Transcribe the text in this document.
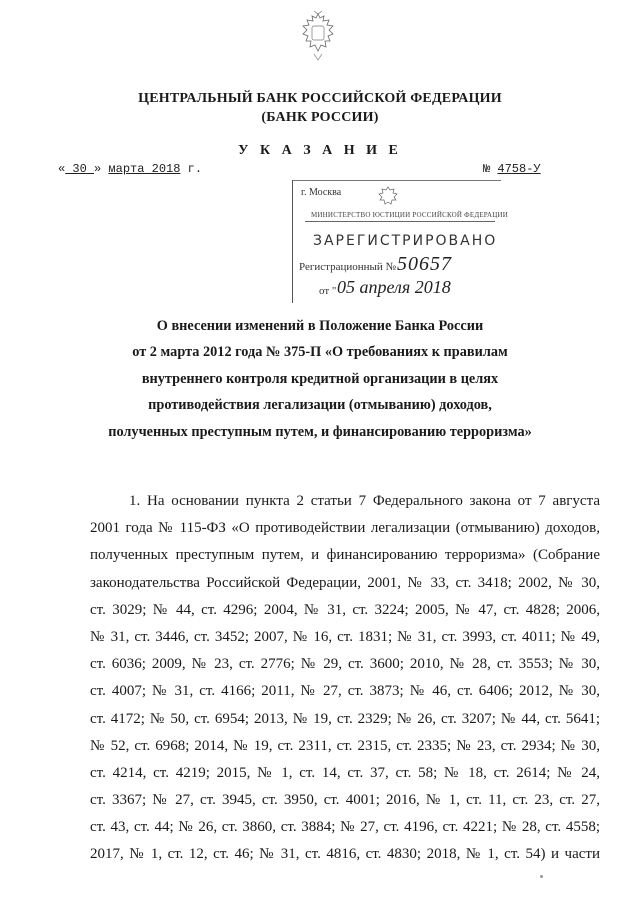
ЦЕНТРАЛЬНЫЙ БАНК РОССИЙСКОЙ ФЕДЕРАЦИИ
(БАНК РОССИИ)
У К А З А Н И Е
« 30 » марта 2018 г.	№ 4758-У
г. Москва
МИНИСТЕРСТВО ЮСТИЦИИ РОССИЙСКОЙ ФЕДЕРАЦИИ
ЗАРЕГИСТРИРОВАНО
Регистрационный № 50657
от " 05 апреля 2018
О внесении изменений в Положение Банка России
от 2 марта 2012 года № 375-П «О требованиях к правилам
внутреннего контроля кредитной организации в целях
противодействия легализации (отмыванию) доходов,
полученных преступным путем, и финансированию терроризма»
1. На основании пункта 2 статьи 7 Федерального закона от 7 августа
2001 года № 115-ФЗ «О противодействии легализации (отмыванию) доходов,
полученных преступным путем, и финансированию терроризма» (Собрание
законодательства Российской Федерации, 2001, № 33, ст. 3418; 2002, № 30,
ст. 3029; № 44, ст. 4296; 2004, № 31, ст. 3224; 2005, № 47, ст. 4828; 2006,
№ 31, ст. 3446, ст. 3452; 2007, № 16, ст. 1831; № 31, ст. 3993, ст. 4011; № 49,
ст. 6036; 2009, № 23, ст. 2776; № 29, ст. 3600; 2010, № 28, ст. 3553; № 30,
ст. 4007; № 31, ст. 4166; 2011, № 27, ст. 3873; № 46, ст. 6406; 2012, № 30,
ст. 4172; № 50, ст. 6954; 2013, № 19, ст. 2329; № 26, ст. 3207; № 44, ст. 5641;
№ 52, ст. 6968; 2014, № 19, ст. 2311, ст. 2315, ст. 2335; № 23, ст. 2934; № 30,
ст. 4214, ст. 4219; 2015, № 1, ст. 14, ст. 37, ст. 58; № 18, ст. 2614; № 24,
ст. 3367; № 27, ст. 3945, ст. 3950, ст. 4001; 2016, № 1, ст. 11, ст. 23, ст. 27,
ст. 43, ст. 44; № 26, ст. 3860, ст. 3884; № 27, ст. 4196, ст. 4221; № 28, ст. 4558;
2017, № 1, ст. 12, ст. 46; № 31, ст. 4816, ст. 4830; 2018, № 1, ст. 54) и части
